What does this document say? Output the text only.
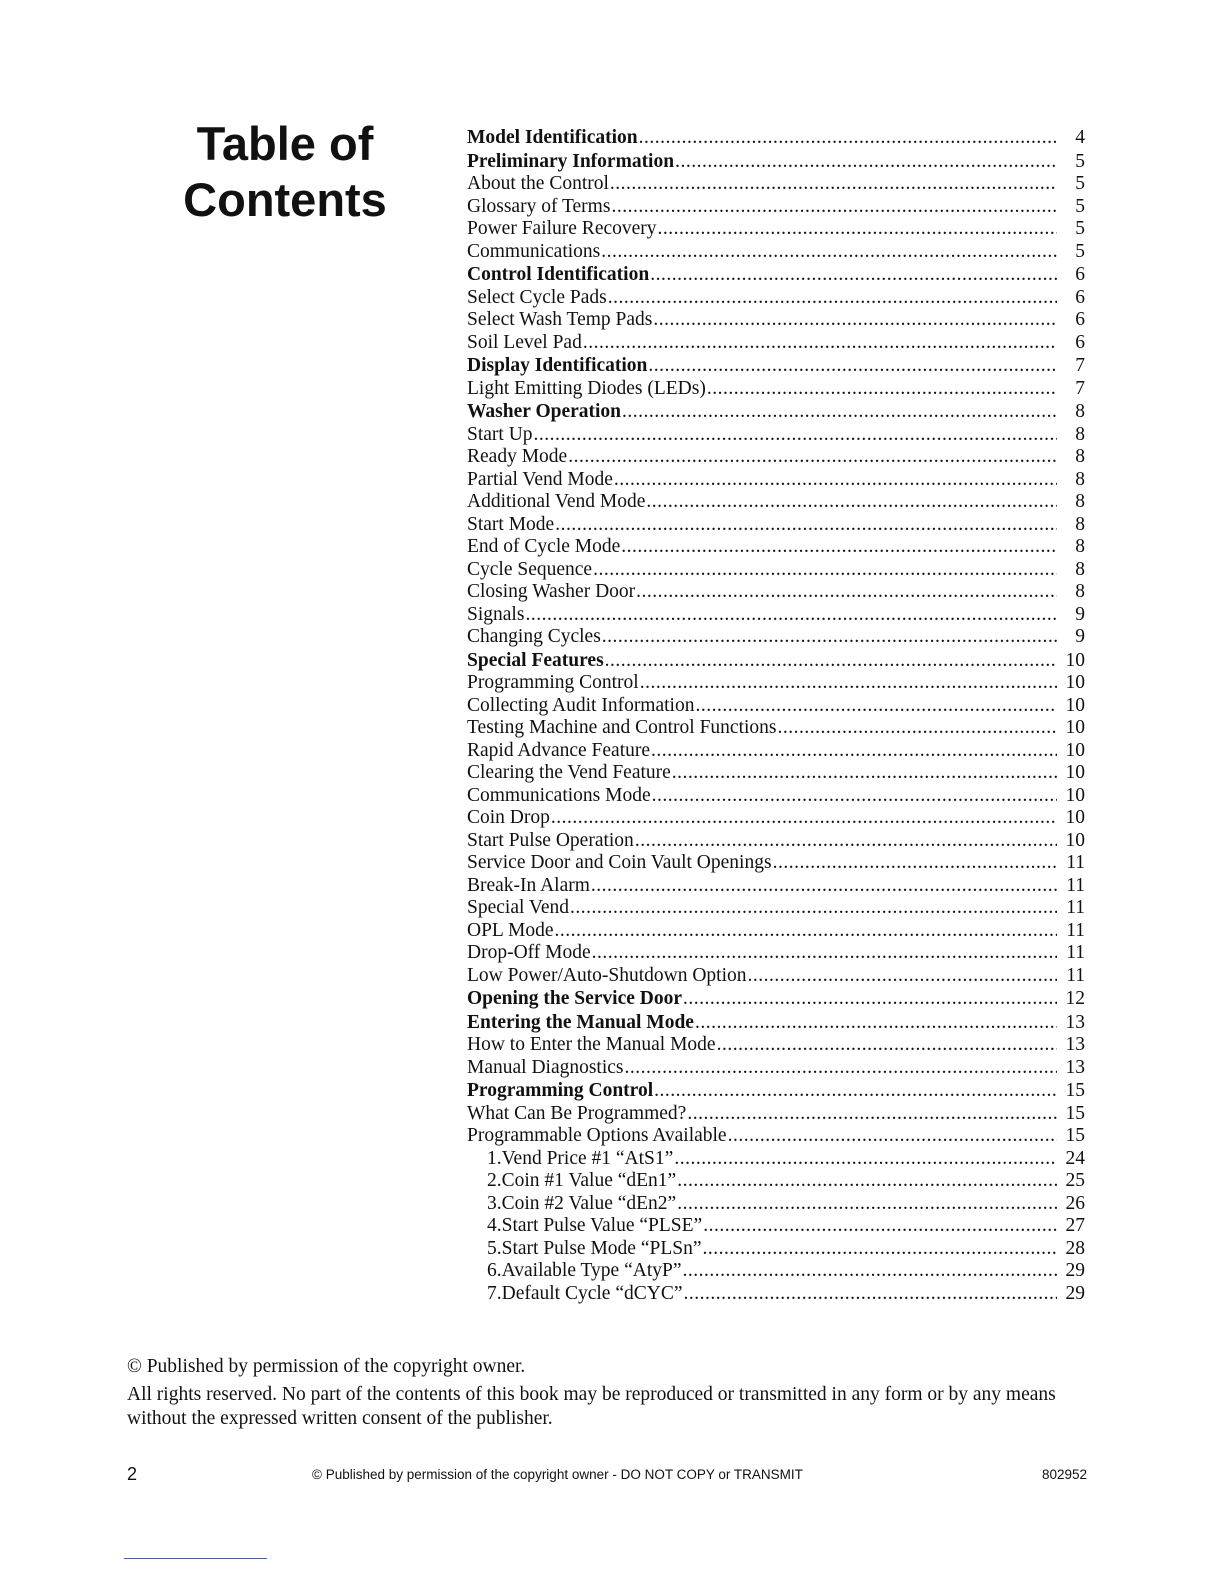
Table of
Contents
Model Identification .....	4
Preliminary Information .....	5
About the Control .....	5
Glossary of Terms .....	5
Power Failure Recovery .....	5
Communications .....	5
Control Identification .....	6
Select Cycle Pads .....	6
Select Wash Temp Pads .....	6
Soil Level Pad .....	6
Display Identification .....	7
Light Emitting Diodes (LEDs) .....	7
Washer Operation .....	8
Start Up .....	8
Ready Mode .....	8
Partial Vend Mode .....	8
Additional Vend Mode .....	8
Start Mode .....	8
End of Cycle Mode .....	8
Cycle Sequence .....	8
Closing Washer Door .....	8
Signals .....	9
Changing Cycles .....	9
Special Features .....	10
Programming Control .....	10
Collecting Audit Information .....	10
Testing Machine and Control Functions .....	10
Rapid Advance Feature .....	10
Clearing the Vend Feature .....	10
Communications Mode .....	10
Coin Drop .....	10
Start Pulse Operation .....	10
Service Door and Coin Vault Openings .....	11
Break-In Alarm .....	11
Special Vend .....	11
OPL Mode .....	11
Drop-Off Mode .....	11
Low Power/Auto-Shutdown Option .....	11
Opening the Service Door .....	12
Entering the Manual Mode .....	13
How to Enter the Manual Mode .....	13
Manual Diagnostics .....	13
Programming Control .....	15
What Can Be Programmed? .....	15
Programmable Options Available .....	15
1. Vend Price #1 “AtS1” .....	24
2. Coin #1 Value “dEn1” .....	25
3. Coin #2 Value “dEn2” .....	26
4. Start Pulse Value “PLSE” .....	27
5. Start Pulse Mode “PLSn” .....	28
6. Available Type “AtyP” .....	29
7. Default Cycle “dCYC” .....	29

© Published by permission of the copyright owner.

All rights reserved. No part of the contents of this book may be reproduced or transmitted in any form or by any means without the expressed written consent of the publisher.

2	© Published by permission of the copyright owner - DO NOT COPY or TRANSMIT	802952
